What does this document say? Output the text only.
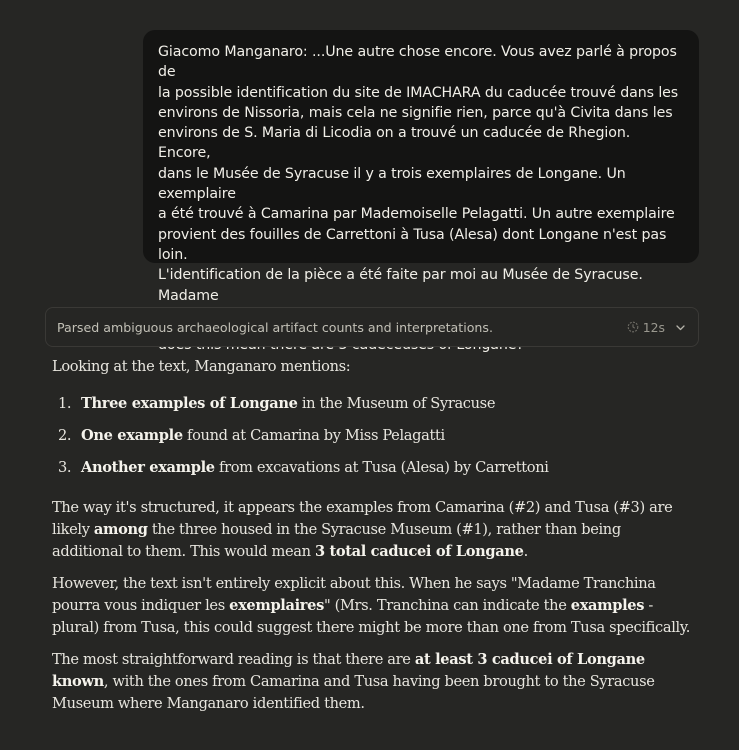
Giacomo Manganaro: ...Une autre chose encore. Vous avez parlé à propos de
la possible identification du site de IMACHARA du caducée trouvé dans les
environs de Nissoria, mais cela ne signifie rien, parce qu'à Civita dans les
environs de S. Maria di Licodia on a trouvé un caducée de Rhegion. Encore,
dans le Musée de Syracuse il y a trois exemplaires de Longane. Un exemplaire
a été trouvé à Camarina par Mademoiselle Pelagatti. Un autre exemplaire
provient des fouilles de Carrettoni à Tusa (Alesa) dont Longane n'est pas loin.
L'identification de la pièce a été faite par moi au Musée de Syracuse. Madame

Parsed ambiguous archaeological artifact counts and interpretations.	12s

Looking at the text, Manganaro mentions:

1. Three examples of Longane in the Museum of Syracuse
2. One example found at Camarina by Miss Pelagatti
3. Another example from excavations at Tusa (Alesa) by Carrettoni

The way it's structured, it appears the examples from Camarina (#2) and Tusa (#3) are likely among the three housed in the Syracuse Museum (#1), rather than being additional to them. This would mean 3 total caducei of Longane.

However, the text isn't entirely explicit about this. When he says "Madame Tranchina pourra vous indiquer les exemplaires" (Mrs. Tranchina can indicate the examples - plural) from Tusa, this could suggest there might be more than one from Tusa specifically.

The most straightforward reading is that there are at least 3 caducei of Longane known, with the ones from Camarina and Tusa having been brought to the Syracuse Museum where Manganaro identified them.
